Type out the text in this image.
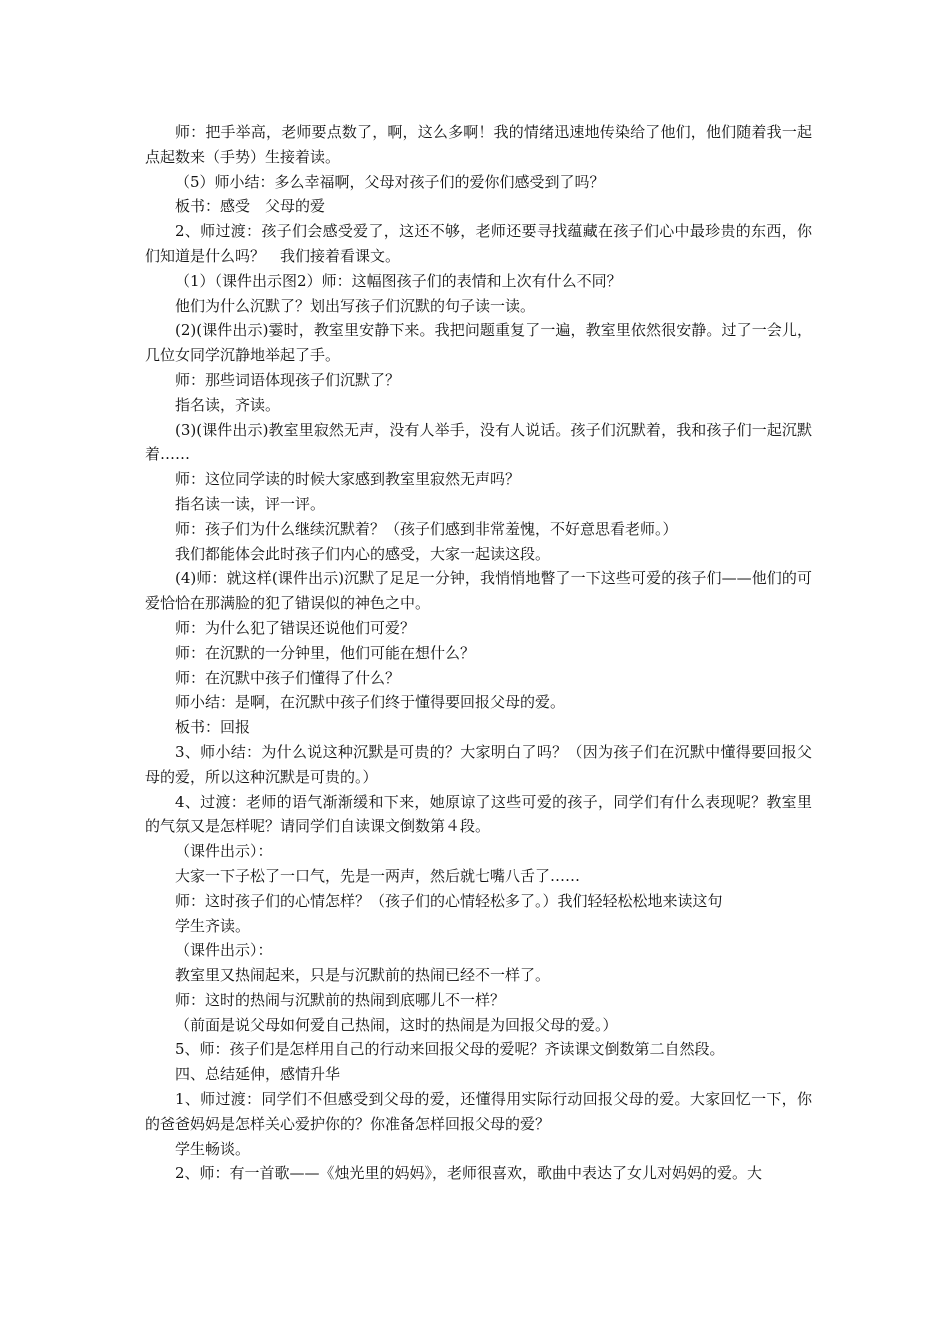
师：把手举高，老师要点数了，啊，这么多啊！我的情绪迅速地传染给了他们，他们随着我一起点起数来（手势）生接着读。

（5）师小结：多么幸福啊，父母对孩子们的爱你们感受到了吗？

板书：感受　父母的爱

2、师过渡：孩子们会感受爱了，这还不够，老师还要寻找蕴藏在孩子们心中最珍贵的东西，你们知道是什么吗？　我们接着看课文。

（1）（课件出示图2）师：这幅图孩子们的表情和上次有什么不同？

他们为什么沉默了？划出写孩子们沉默的句子读一读。

(2)(课件出示)霎时，教室里安静下来。我把问题重复了一遍，教室里依然很安静。过了一会儿，几位女同学沉静地举起了手。

师：那些词语体现孩子们沉默了？

指名读，齐读。

(3)(课件出示)教室里寂然无声，没有人举手，没有人说话。孩子们沉默着，我和孩子们一起沉默着……

师：这位同学读的时候大家感到教室里寂然无声吗？

指名读一读，评一评。

师：孩子们为什么继续沉默着？（孩子们感到非常羞愧，不好意思看老师。）

我们都能体会此时孩子们内心的感受，大家一起读这段。

(4)师：就这样(课件出示)沉默了足足一分钟，我悄悄地瞥了一下这些可爱的孩子们——他们的可爱恰恰在那满脸的犯了错误似的神色之中。

师：为什么犯了错误还说他们可爱？

师：在沉默的一分钟里，他们可能在想什么？

师：在沉默中孩子们懂得了什么？

师小结：是啊，在沉默中孩子们终于懂得要回报父母的爱。

板书：回报

3、师小结：为什么说这种沉默是可贵的？大家明白了吗？（因为孩子们在沉默中懂得要回报父母的爱，所以这种沉默是可贵的。）

4、过渡：老师的语气渐渐缓和下来，她原谅了这些可爱的孩子，同学们有什么表现呢？教室里的气氛又是怎样呢？请同学们自读课文倒数第４段。

（课件出示）：

大家一下子松了一口气，先是一两声，然后就七嘴八舌了……

师：这时孩子们的心情怎样？（孩子们的心情轻松多了。）我们轻轻松松地来读这句

学生齐读。

（课件出示）：

教室里又热闹起来，只是与沉默前的热闹已经不一样了。

师：这时的热闹与沉默前的热闹到底哪儿不一样？

（前面是说父母如何爱自己热闹，这时的热闹是为回报父母的爱。）

5、师：孩子们是怎样用自己的行动来回报父母的爱呢？齐读课文倒数第二自然段。

四、总结延伸，感情升华

1、师过渡：同学们不但感受到父母的爱，还懂得用实际行动回报父母的爱。大家回忆一下，你的爸爸妈妈是怎样关心爱护你的？你准备怎样回报父母的爱？

学生畅谈。

2、师：有一首歌——《烛光里的妈妈》，老师很喜欢，歌曲中表达了女儿对妈妈的爱。大
